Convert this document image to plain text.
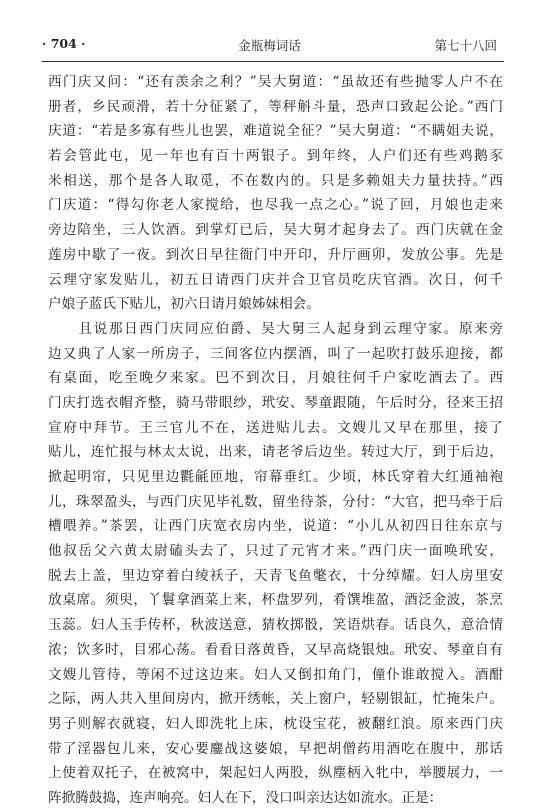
· 704 ·	金瓶梅词话	第七十八回
西门庆又问：“还有羡余之利？”吴大舅道：“虽故还有些抛零人户不在
册者，乡民顽滑，若十分征紧了，等秤斛斗量，恐声口致起公论。”西门
庆道：“若是多寡有些儿也罢，难道说全征？”吴大舅道：“不瞒姐夫说，
若会管此屯，见一年也有百十两银子。到年终，人户们还有些鸡鹅豕
米相送，那个是各人取觅，不在数内的。只是多赖姐夫力量扶持。”西
门庆道：“得勾你老人家搅给，也尽我一点之心。”说了回，月娘也走来
旁边陪坐，三人饮酒。到掌灯已后，吴大舅才起身去了。西门庆就在金
莲房中歇了一夜。到次日早往衙门中开印，升厅画卯，发放公事。先是
云理守家发贴儿，初五日请西门庆并合卫官员吃庆官酒。次日，何千
户娘子蓝氏下贴儿，初六日请月娘姊妹相会。
　　且说那日西门庆同应伯爵、吴大舅三人起身到云理守家。原来旁
边又典了人家一所房子，三间客位内摆酒，叫了一起吹打鼓乐迎接，都
有桌面，吃至晚夕来家。巴不到次日，月娘往何千户家吃酒去了。西
门庆打选衣帽齐整，骑马带眼纱，玳安、琴童跟随，午后时分，径来王招
宣府中拜节。王三官儿不在，送进贴儿去。文嫂儿又早在那里，接了
贴儿，连忙报与林太太说，出来，请老爷后边坐。转过大厅，到于后边，
掀起明帘，只见里边氍毹匝地，帘幕垂红。少顷，林氏穿着大红通袖袍
儿，珠翠盈头，与西门庆见毕礼数，留坐待茶，分付：“大官，把马牵于后
槽喂养。”茶罢，让西门庆宽衣房内坐，说道：“小儿从初四日往东京与
他叔岳父六黄太尉磕头去了，只过了元宵才来。”西门庆一面唤玳安，
脱去上盖，里边穿着白绫袄子，天青飞鱼氅衣，十分绰耀。妇人房里安
放桌席。须臾，丫鬟拿酒菜上来，杯盘罗列，肴馔堆盈，酒泛金波，茶烹
玉蕊。妇人玉手传杯，秋波送意，猜枚掷骰，笑语烘春。话良久，意洽情
浓；饮多时，目邪心荡。看看日落黄昏，又早高烧银烛。玳安、琴童自有
文嫂儿管待，等闲不过这边来。妇人又倒扣角门，僮仆谁敢搅入。酒酣
之际，两人共入里间房内，掀开绣帐，关上窗户，轻剔银缸，忙掩朱户。
男子则解衣就寝，妇人即洗牝上床，枕设宝花，被翻红浪。原来西门庆
带了淫器包儿来，安心要鏖战这婆娘，早把胡僧药用酒吃在腹中，那话
上使着双托子，在被窝中，架起妇人两股，纵塵柄入牝中，举腰展力，一
阵掀腾鼓捣，连声响亮。妇人在下，没口叫亲达达如流水。正是：
